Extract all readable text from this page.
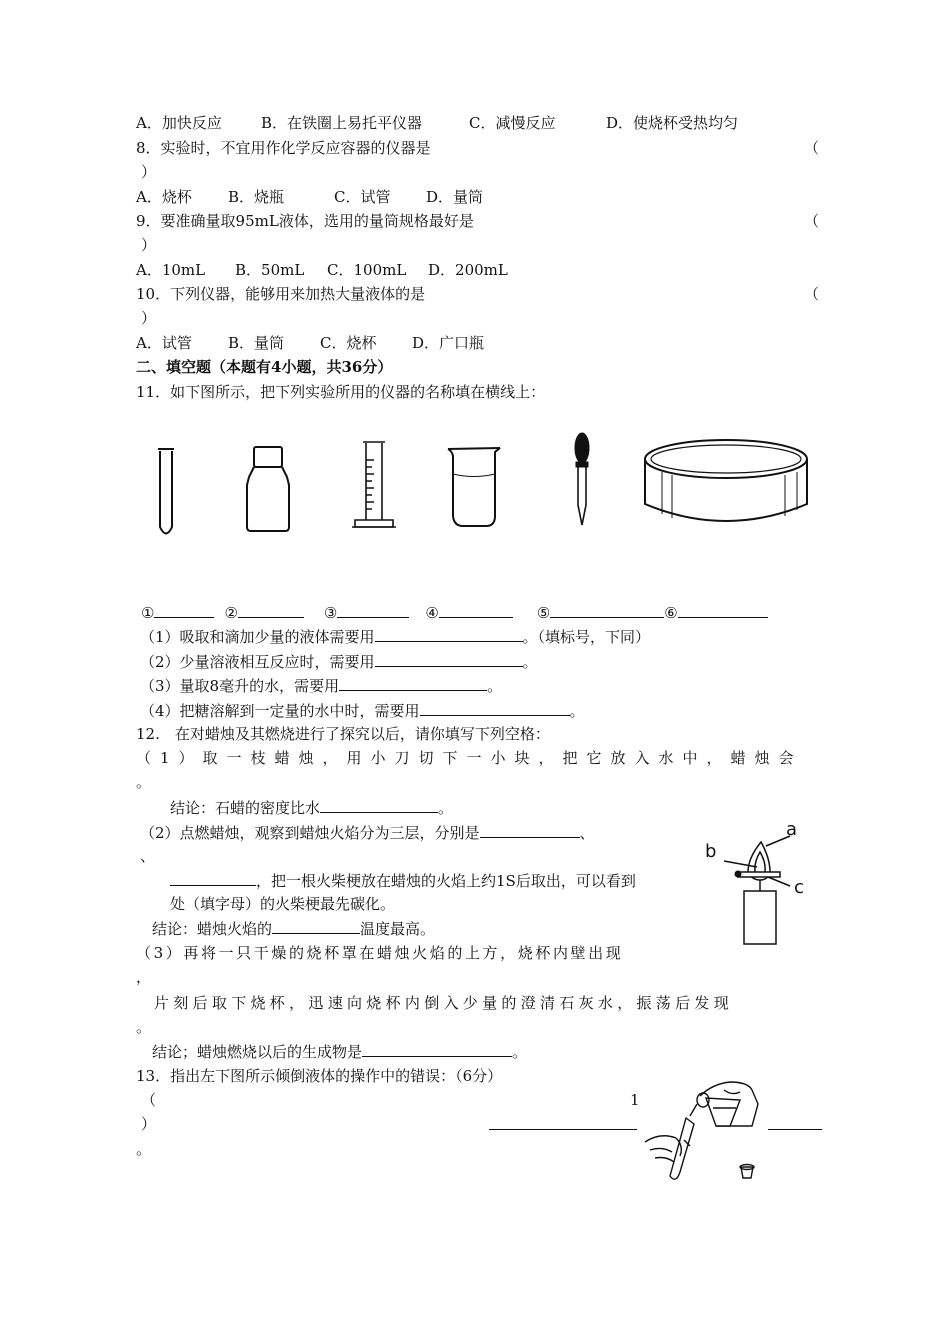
A．加快反应	B．在铁圈上易托平仪器	C．减慢反应	D．使烧杯受热均匀
8．实验时，不宜用作化学反应容器的仪器是	（
）
A．烧杯 B．烧瓶	C．试管 D．量筒
9．要准确量取95mL液体，选用的量筒规格最好是	（
）
A．10mL B．50mL C．100mL D．200mL
10．下列仪器，能够用来加热大量液体的是	（
）
A．试管 B．量筒 C．烧杯 D．广口瓶
二、填空题（本题有4小题，共36分）
11．如下图所示，把下列实验所用的仪器的名称填在横线上：
①	②	③	④	⑤	⑥
（1）吸取和滴加少量的液体需要用	。（填标号，下同）
（2）少量溶液相互反应时，需要用	。
（3）量取8毫升的水，需要用	。
（4）把糖溶解到一定量的水中时，需要用	。
12.　在对蜡烛及其燃烧进行了探究以后，请你填写下列空格：
（1）取一枝蜡烛，用小刀切下一小块，把它放入水中，蜡烛会
。
结论：石蜡的密度比水	。
（2）点燃蜡烛，观察到蜡烛火焰分为三层，分别是	、
、
，把一根火柴梗放在蜡烛的火焰上约1S后取出，可以看到
处（填字母）的火柴梗最先碳化。
结论：蜡烛火焰的	温度最高。
（3）再将一只干燥的烧杯罩在蜡烛火焰的上方，烧杯内壁出现
，
片刻后取下烧杯，迅速向烧杯内倒入少量的澄清石灰水，振荡后发现
。
结论；蜡烛燃烧以后的生成物是	。
a
b
c
13．指出左下图所示倾倒液体的操作中的错误：（6分）
（	1
）
。
